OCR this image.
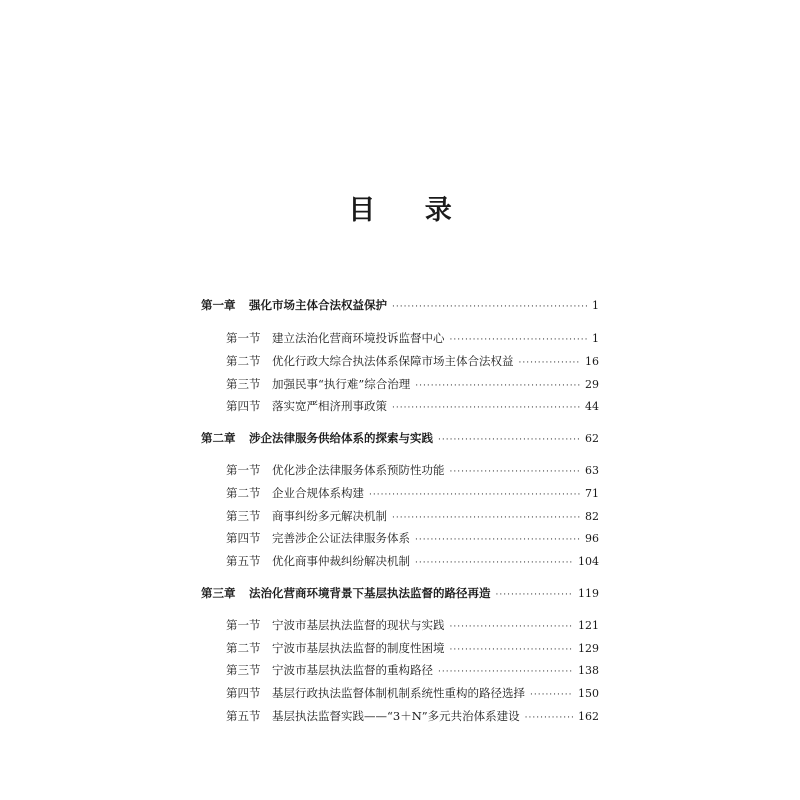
目 录
第一章	强化市场主体合法权益保护 ·····	1
第一节	建立法治化营商环境投诉监督中心 ·····	1
第二节	优化行政大综合执法体系保障市场主体合法权益 ·····	16
第三节	加强民事“执行难”综合治理 ·····	29
第四节	落实宽严相济刑事政策 ·····	44
第二章	涉企法律服务供给体系的探索与实践 ·····	62
第一节	优化涉企法律服务体系预防性功能 ·····	63
第二节	企业合规体系构建 ·····	71
第三节	商事纠纷多元解决机制 ·····	82
第四节	完善涉企公证法律服务体系 ·····	96
第五节	优化商事仲裁纠纷解决机制 ·····	104
第三章	法治化营商环境背景下基层执法监督的路径再造 ·····	119
第一节	宁波市基层执法监督的现状与实践 ·····	121
第二节	宁波市基层执法监督的制度性困境 ·····	129
第三节	宁波市基层执法监督的重构路径 ·····	138
第四节	基层行政执法监督体制机制系统性重构的路径选择 ·····	150
第五节	基层执法监督实践——“3＋N”多元共治体系建设 ·····	162
